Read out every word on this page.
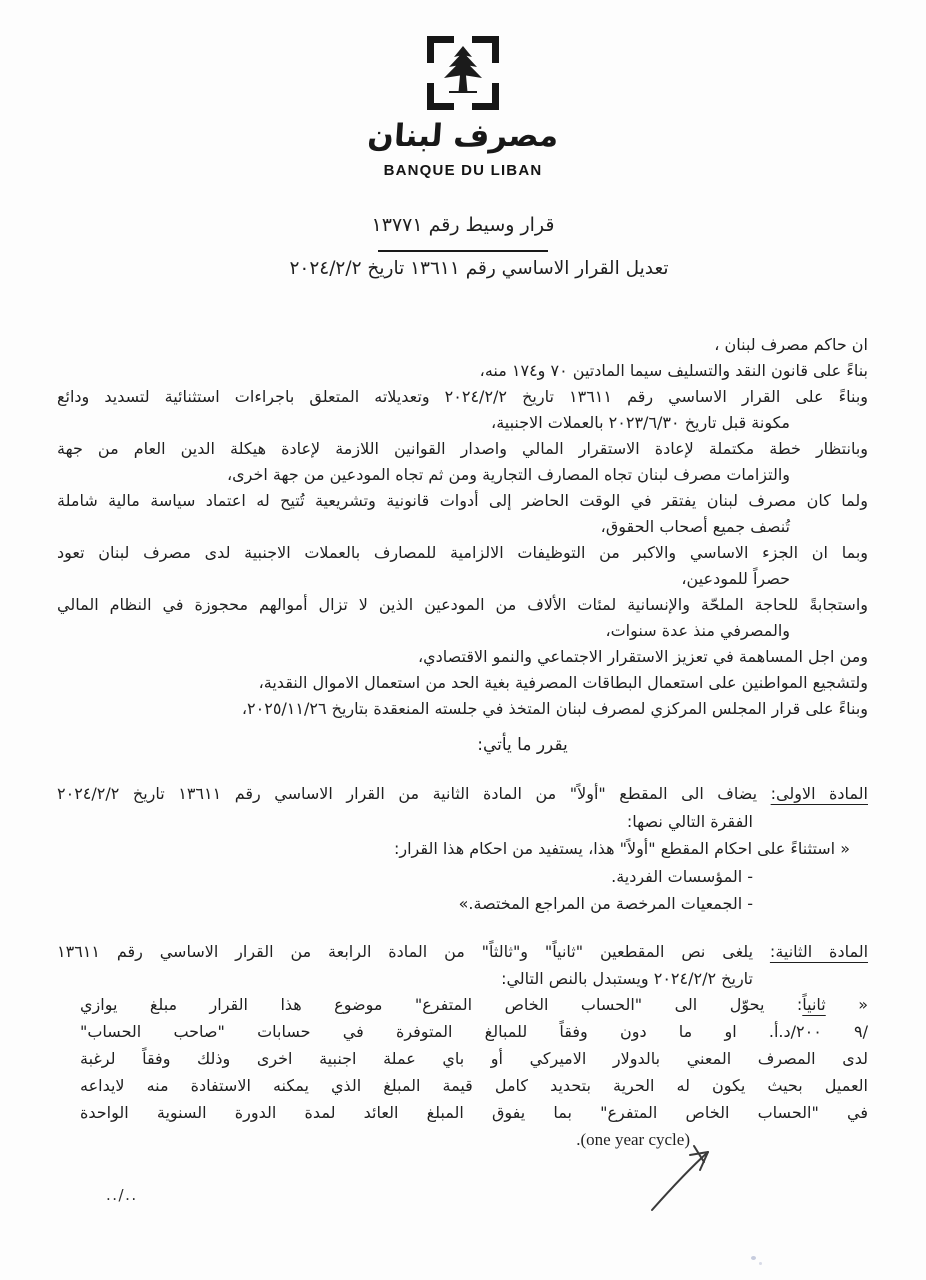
مصرف لبنان
BANQUE DU LIBAN
قرار وسيط رقم ١٣٧٧١
تعديل القرار الاساسي رقم ١٣٦١١ تاريخ ٢٠٢٤/٢/٢
ان حاكم مصرف لبنان ،
بناءً على قانون النقد والتسليف سيما المادتين ٧٠ و١٧٤ منه،
وبناءً على القرار الاساسي رقم ١٣٦١١ تاريخ ٢٠٢٤/٢/٢ وتعديلاته المتعلق باجراءات استثنائية لتسديد ودائع
مكونة قبل تاريخ ٢٠٢٣/٦/٣٠ بالعملات الاجنبية،
وبانتظار خطة مكتملة لإعادة الاستقرار المالي واصدار القوانين اللازمة لإعادة هيكلة الدين العام من جهة
والتزامات مصرف لبنان تجاه المصارف التجارية ومن ثم تجاه المودعين من جهة اخرى،
ولما كان مصرف لبنان يفتقر في الوقت الحاضر إلى أدوات قانونية وتشريعية تُتيح له اعتماد سياسة مالية شاملة
تُنصف جميع أصحاب الحقوق،
وبما ان الجزء الاساسي والاكبر من التوظيفات الالزامية للمصارف بالعملات الاجنبية لدى مصرف لبنان تعود
حصراً للمودعين،
واستجابةً للحاجة الملحّة والإنسانية لمئات الألاف من المودعين الذين لا تزال أموالهم محجوزة في النظام المالي
والمصرفي منذ عدة سنوات،
ومن اجل المساهمة في تعزيز الاستقرار الاجتماعي والنمو الاقتصادي،
ولتشجيع المواطنين على استعمال البطاقات المصرفية بغية الحد من استعمال الاموال النقدية،
وبناءً على قرار المجلس المركزي لمصرف لبنان المتخذ في جلسته المنعقدة بتاريخ ٢٠٢٥/١١/٢٦،
يقرر ما يأتي:
المادة الاولى: يضاف الى المقطع "أولاً" من المادة الثانية من القرار الاساسي رقم ١٣٦١١ تاريخ ٢٠٢٤/٢/٢
الفقرة التالي نصها:
« استثناءً على احكام المقطع "أولاً" هذا، يستفيد من احكام هذا القرار:
- المؤسسات الفردية.
- الجمعيات المرخصة من المراجع المختصة.»
المادة الثانية: يلغى نص المقطعين "ثانياً" و"ثالثاً" من المادة الرابعة من القرار الاساسي رقم ١٣٦١١
تاريخ ٢٠٢٤/٢/٢ ويستبدل بالنص التالي:
« ثانياً: يحوّل الى "الحساب الخاص المتفرع" موضوع هذا القرار مبلغ يوازي
/٩ ٢٠٠/د.أ. او ما دون وفقاً للمبالغ المتوفرة في حسابات "صاحب الحساب"
لدى المصرف المعني بالدولار الاميركي أو باي عملة اجنبية اخرى وذلك وفقاً لرغبة
العميل بحيث يكون له الحرية بتحديد كامل قيمة المبلغ الذي يمكنه الاستفادة منه لايداعه
في "الحساب الخاص المتفرع" بما يفوق المبلغ العائد لمدة الدورة السنوية الواحدة
(one year cycle).
../..
